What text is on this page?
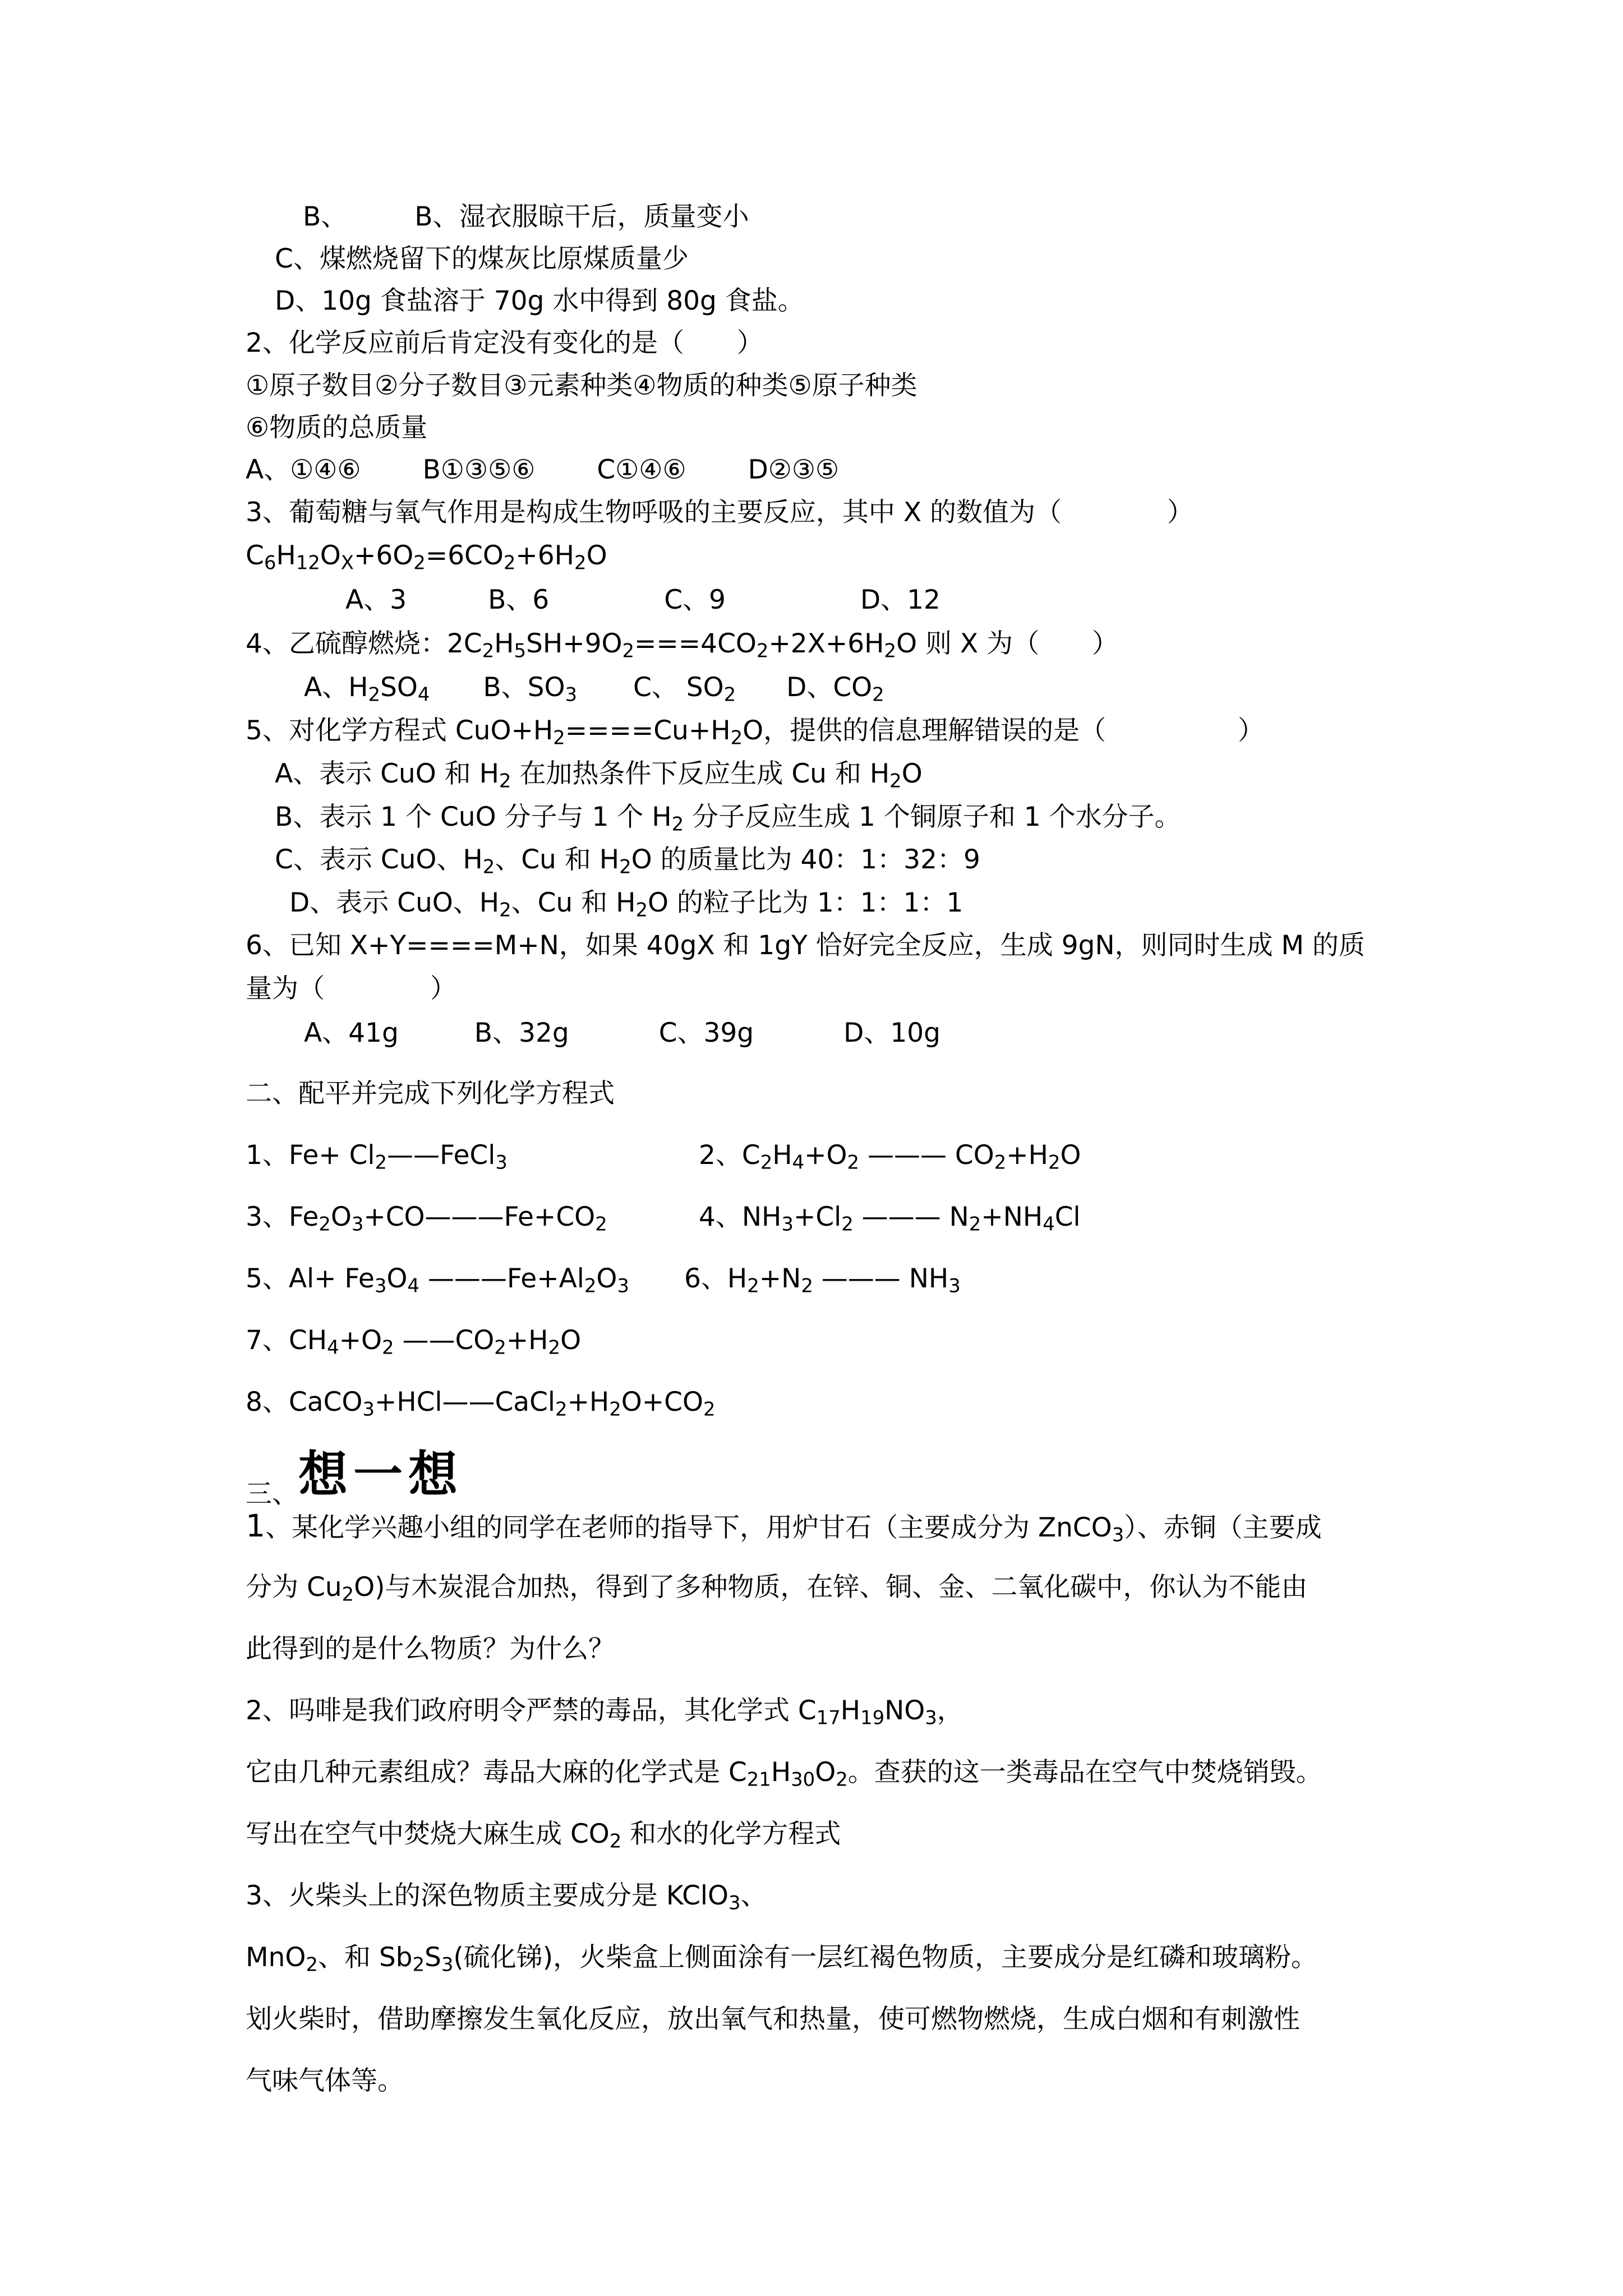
B、	B、湿衣服晾干后，质量变小
C、煤燃烧留下的煤灰比原煤质量少
D、10g 食盐溶于 70g 水中得到 80g 食盐。
2、化学反应前后肯定没有变化的是（　　）
①原子数目②分子数目③元素种类④物质的种类⑤原子种类
⑥物质的总质量
A、①④⑥ B①③⑤⑥ C①④⑥ D②③⑤
3、葡萄糖与氧气作用是构成生物呼吸的主要反应，其中 X 的数值为（　　　　）
$C_6H_{12}O_X+6O_2=6CO_2+6H_2O$
A、3	B、6	C、9	D、12
4、乙硫醇燃烧：$2C_2H_5SH+9O_2===4CO_2+2X+6H_2O$ 则 X 为（　　）
A、$H_2SO_4$ B、$SO_3$ C、 $SO_2$ D、$CO_2$
5、对化学方程式 $CuO+H_2====Cu+H_2O$，提供的信息理解错误的是（　　　　　）
A、表示 CuO 和 $H_2$ 在加热条件下反应生成 Cu 和 $H_2O$
B、表示 1 个 CuO 分子与 1 个 $H_2$ 分子反应生成 1 个铜原子和 1 个水分子。
C、表示 CuO、$H_2$、Cu 和 $H_2O$ 的质量比为 40：1：32：9
D、表示 CuO、$H_2$、Cu 和 $H_2O$ 的粒子比为 1：1：1：1
6、已知 X+Y====M+N，如果 40gX 和 1gY 恰好完全反应，生成 9gN，则同时生成 M 的质
量为（　　　　）
A、41g	B、32g	C、39g	D、10g
二、配平并完成下列化学方程式
1、$Fe+ Cl_2——FeCl_3$	2、$C_2H_4+O_2$ ——— $CO_2+H_2O$
3、$Fe_2O_3+CO———Fe+CO_2$	4、$NH_3+Cl_2$ ——— $N_2+NH_4Cl$
5、$Al+ Fe_3O_4$ $———Fe+Al_2O_3$ 6、$H_2+N_2$ ——— $NH_3$
7、$CH_4+O_2$ $——CO_2+H_2O$
8、$CaCO_3+HCl——CaCl_2+H_2O+CO_2$
三、想一想
1、某化学兴趣小组的同学在老师的指导下，用炉甘石（主要成分为 ZnCO$_3$）、赤铜（主要成
分为 $Cu_2O$)与木炭混合加热，得到了多种物质，在锌、铜、金、二氧化碳中，你认为不能由
此得到的是什么物质？为什么？
2、吗啡是我们政府明令严禁的毒品，其化学式 $C_{17}H_{19}NO_3$，
它由几种元素组成？毒品大麻的化学式是 $C_{21}H_{30}O_2$。查获的这一类毒品在空气中焚烧销毁。
写出在空气中焚烧大麻生成 $CO_2$ 和水的化学方程式
3、火柴头上的深色物质主要成分是 KClO$_3$、
MnO$_2$、和 $Sb_2S_3$(硫化锑)，火柴盒上侧面涂有一层红褐色物质，主要成分是红磷和玻璃粉。
划火柴时，借助摩擦发生氧化反应，放出氧气和热量，使可燃物燃烧，生成白烟和有刺激性
气味气体等。
